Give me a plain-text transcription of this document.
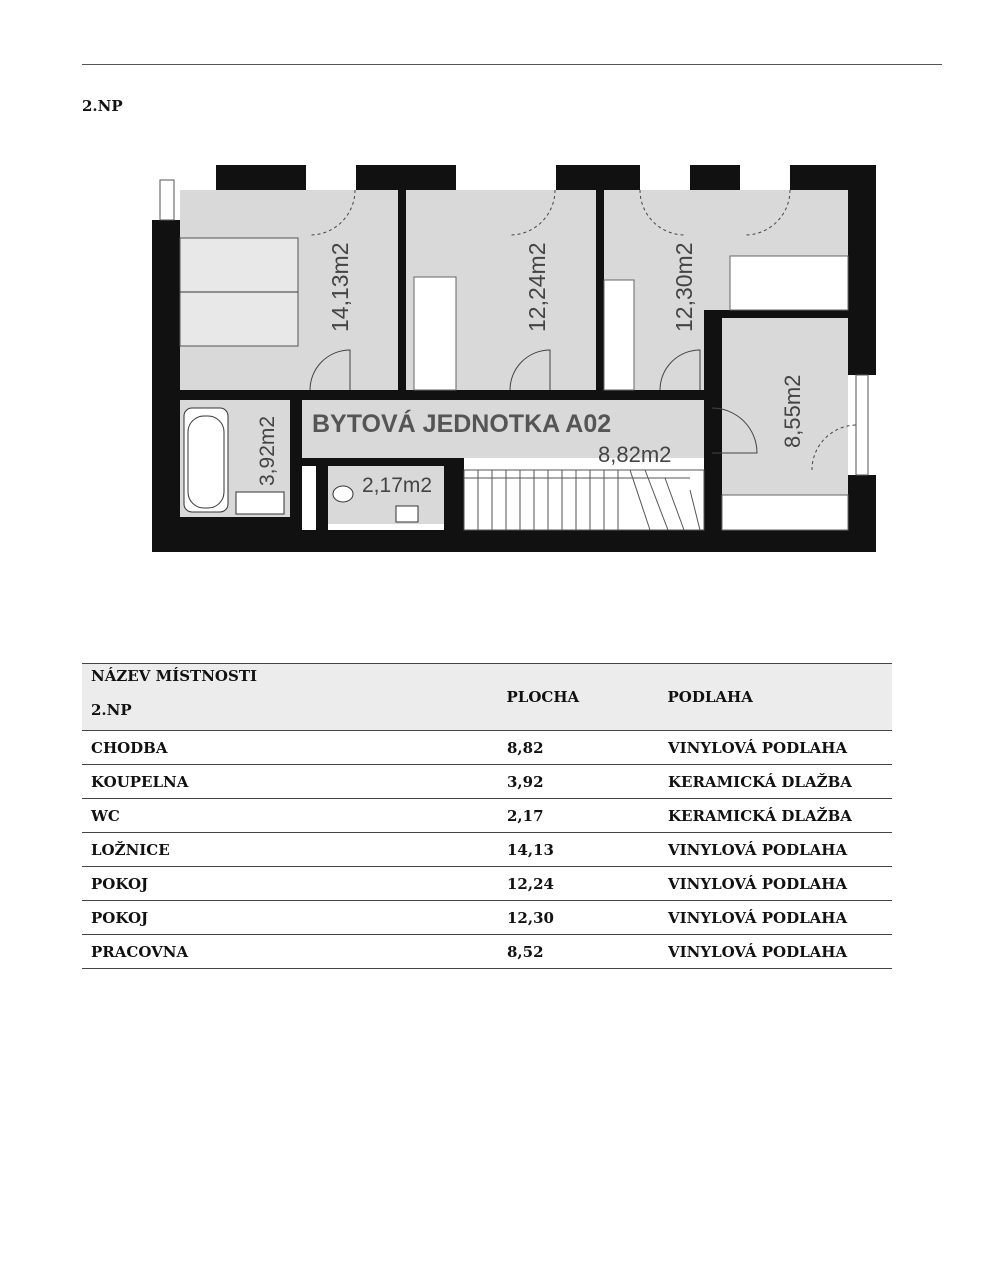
2.NP
BYTOVÁ JEDNOTKA A02
8,82m2
2,17m2
14,13m2	12,24m2	12,30m2
3,92m2
8,55m2
NÁZEV MÍSTNOSTI
2.NP	PLOCHA	PODLAHA
CHODBA	8,82	VINYLOVÁ PODLAHA
KOUPELNA	3,92	KERAMICKÁ DLAŽBA
WC	2,17	KERAMICKÁ DLAŽBA
LOŽNICE	14,13	VINYLOVÁ PODLAHA
POKOJ	12,24	VINYLOVÁ PODLAHA
POKOJ	12,30	VINYLOVÁ PODLAHA
PRACOVNA	8,52	VINYLOVÁ PODLAHA
